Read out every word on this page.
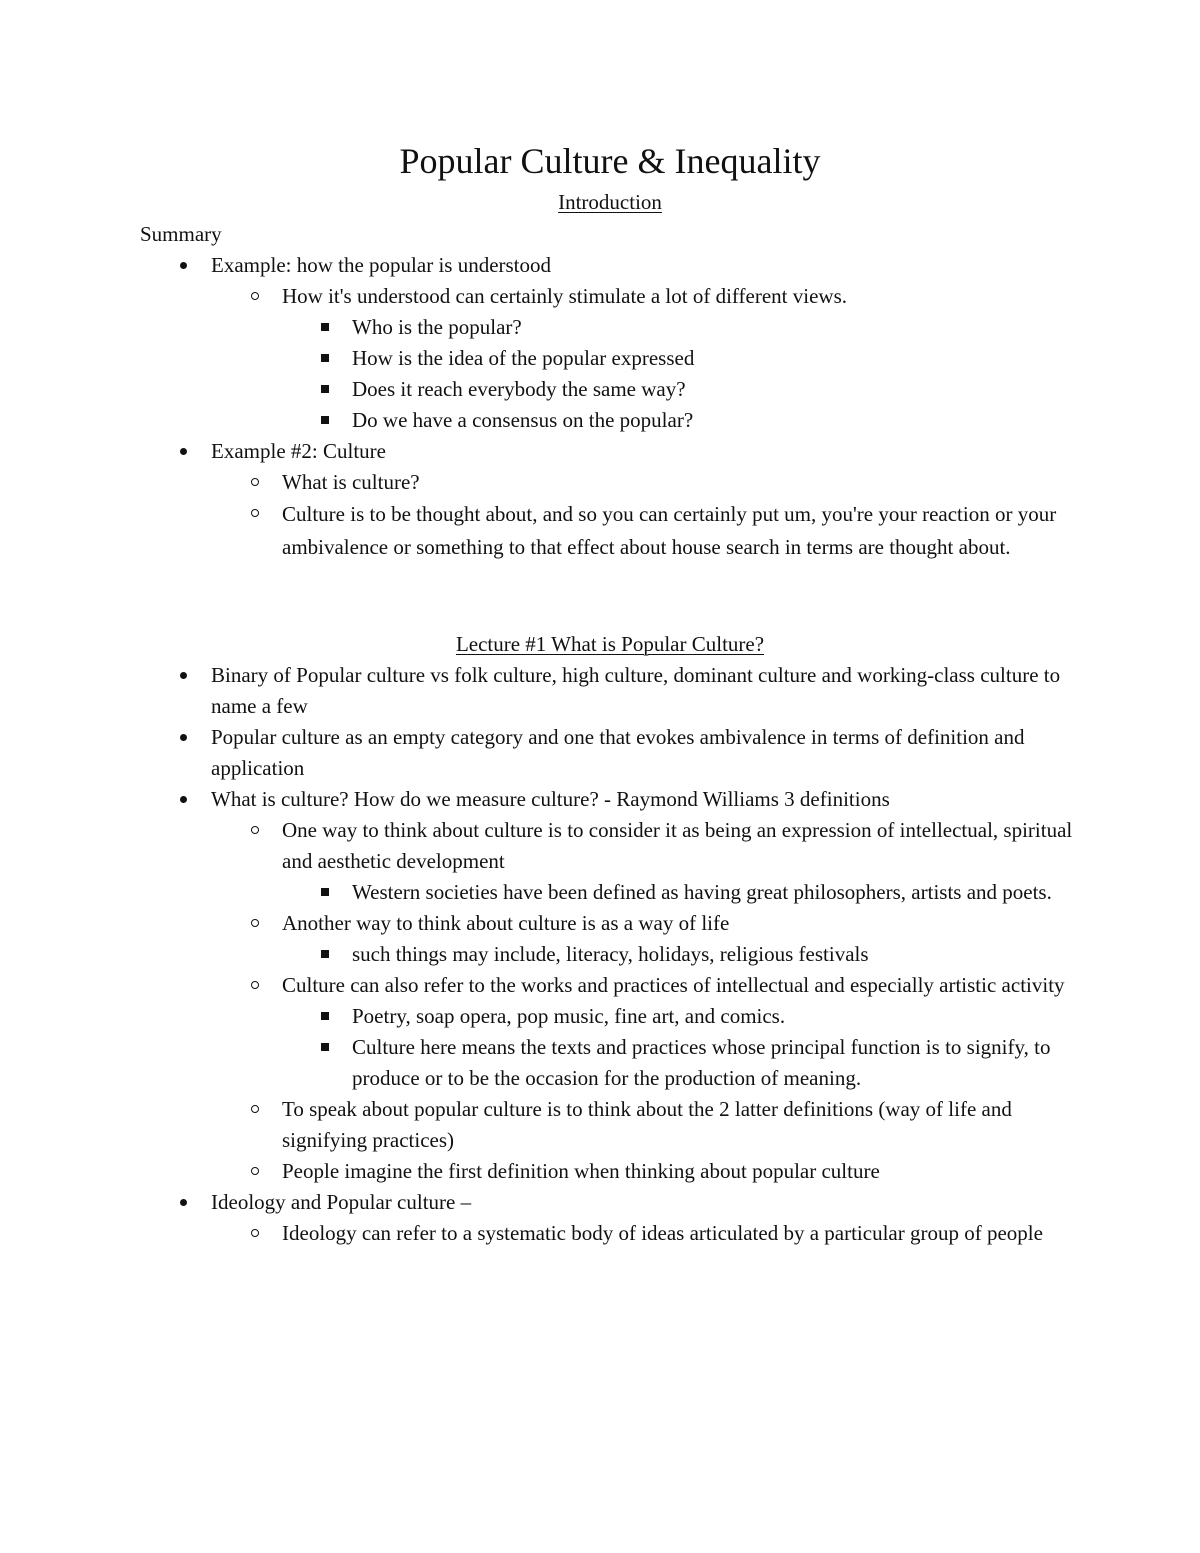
Popular Culture & Inequality

Introduction

Summary

Example: how the popular is understood
How it's understood can certainly stimulate a lot of different views.
Who is the popular?
How is the idea of the popular expressed
Does it reach everybody the same way?
Do we have a consensus on the popular?
Example #2: Culture
What is culture?
Culture is to be thought about, and so you can certainly put um, you're your reaction or your ambivalence or something to that effect about house search in terms are thought about.

Lecture #1 What is Popular Culture?

Binary of Popular culture vs folk culture, high culture, dominant culture and working-class culture to name a few
Popular culture as an empty category and one that evokes ambivalence in terms of definition and application
What is culture? How do we measure culture? - Raymond Williams 3 definitions
One way to think about culture is to consider it as being an expression of intellectual, spiritual and aesthetic development
Western societies have been defined as having great philosophers, artists and poets.
Another way to think about culture is as a way of life
such things may include, literacy, holidays, religious festivals
Culture can also refer to the works and practices of intellectual and especially artistic activity
Poetry, soap opera, pop music, fine art, and comics.
Culture here means the texts and practices whose principal function is to signify, to produce or to be the occasion for the production of meaning.
To speak about popular culture is to think about the 2 latter definitions (way of life and signifying practices)
People imagine the first definition when thinking about popular culture
Ideology and Popular culture –
Ideology can refer to a systematic body of ideas articulated by a particular group of people
